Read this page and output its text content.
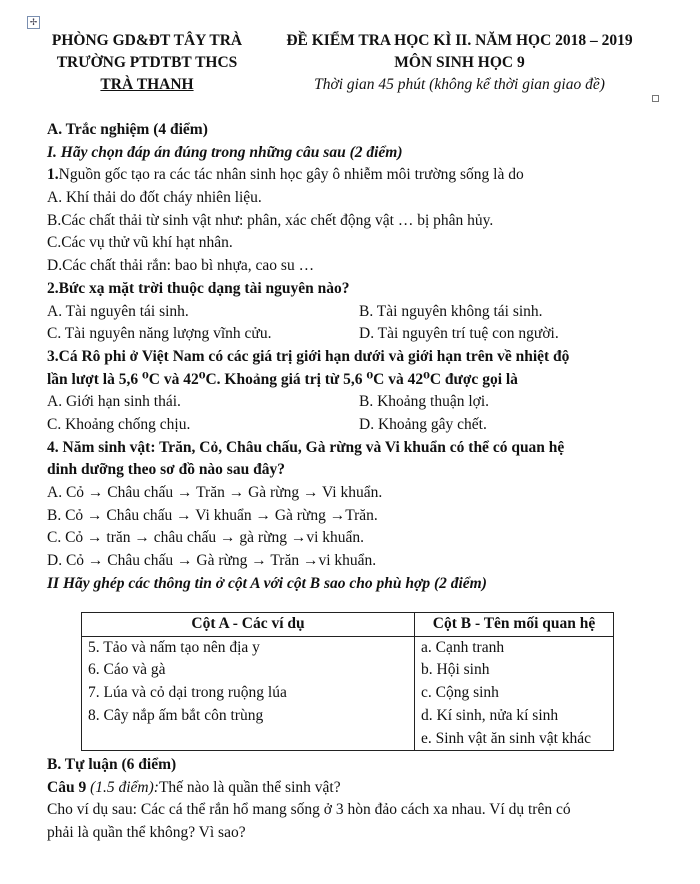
✢
PHÒNG GD&ĐT TÂY TRÀ
TRƯỜNG PTDTBT THCS
TRÀ THANH
ĐỀ KIỂM TRA HỌC KÌ II. NĂM HỌC 2018 – 2019
MÔN SINH HỌC 9
Thời gian 45 phút (không kể thời gian giao đề)
A. Trắc nghiệm (4 điểm)
I. Hãy chọn đáp án đúng trong những câu sau (2 điểm)
1.Nguồn gốc tạo ra các tác nhân sinh học gây ô nhiễm môi trường sống là do
A. Khí thải do đốt cháy nhiên liệu.
B.Các chất thải từ sinh vật như: phân, xác chết động vật … bị phân hủy.
C.Các vụ thử vũ khí hạt nhân.
D.Các chất thải rắn: bao bì nhựa, cao su …
2.Bức xạ mặt trời thuộc dạng tài nguyên nào?
A. Tài nguyên tái sinh.	B. Tài nguyên không tái sinh.
C. Tài nguyên năng lượng vĩnh cửu.	D. Tài nguyên trí tuệ con người.
3.Cá Rô phi ở Việt Nam có các giá trị giới hạn dưới và giới hạn trên về nhiệt độ
lần lượt là 5,6 ⁰C và 42⁰C. Khoảng giá trị từ 5,6 ⁰C và 42⁰C được gọi là
A. Giới hạn sinh thái.	B. Khoảng thuận lợi.
C. Khoảng chống chịu.	D. Khoảng gây chết.
4. Năm sinh vật: Trăn, Cỏ, Châu chấu, Gà rừng và Vi khuẩn có thể có quan hệ
dinh dưỡng theo sơ đồ nào sau đây?
A. Cỏ → Châu chấu → Trăn → Gà rừng → Vi khuẩn.
B. Cỏ → Châu chấu → Vi khuẩn → Gà rừng →Trăn.
C. Cỏ → trăn → châu chấu → gà rừng →vi khuẩn.
D. Cỏ → Châu chấu → Gà rừng → Trăn →vi khuẩn.
II Hãy ghép các thông tin ở cột A với cột B sao cho phù hợp (2 điểm)
Cột A - Các ví dụ	Cột B - Tên mối quan hệ
5. Tảo và nấm tạo nên địa y	a. Cạnh tranh
6. Cáo và gà	b. Hội sinh
7. Lúa và cỏ dại trong ruộng lúa	c. Cộng sinh
8. Cây nắp ấm bắt côn trùng	d. Kí sinh, nửa kí sinh
	e. Sinh vật ăn sinh vật khác
B. Tự luận (6 điểm)
Câu 9 (1.5 điểm):Thế nào là quần thể sinh vật?
Cho ví dụ sau: Các cá thể rắn hổ mang sống ở 3 hòn đảo cách xa nhau. Ví dụ trên có
phải là quần thể không? Vì sao?
